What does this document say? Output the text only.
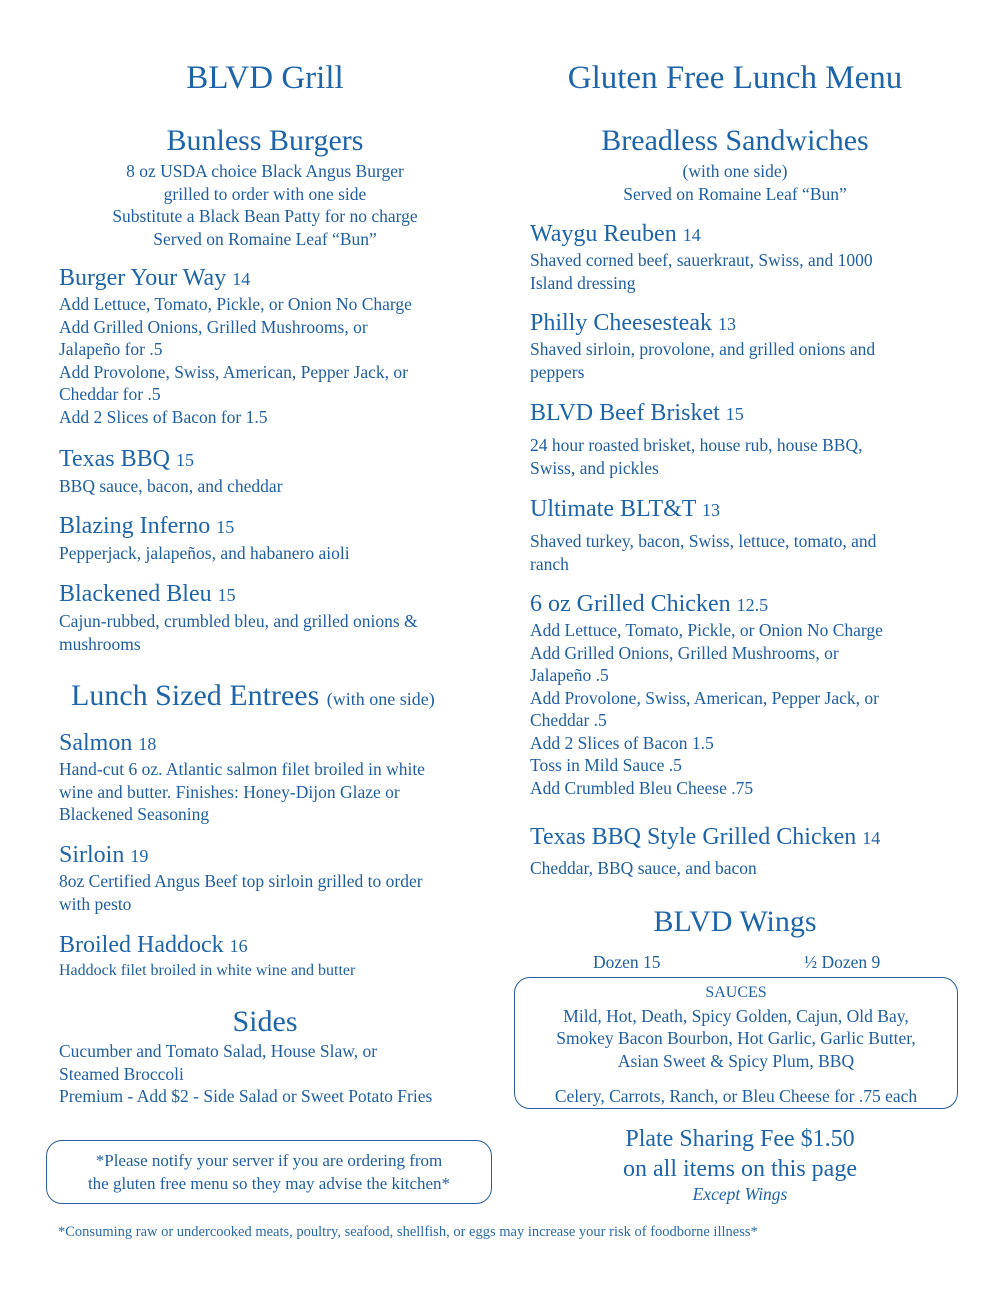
BLVD Grill
Bunless Burgers
8 oz USDA choice Black Angus Burger
grilled to order with one side
Substitute a Black Bean Patty for no charge
Served on Romaine Leaf “Bun”
Burger Your Way 14
Add Lettuce, Tomato, Pickle, or Onion No Charge
Add Grilled Onions, Grilled Mushrooms, or
Jalapeño for .5
Add Provolone, Swiss, American, Pepper Jack, or
Cheddar for .5
Add 2 Slices of Bacon for 1.5
Texas BBQ 15
BBQ sauce, bacon, and cheddar
Blazing Inferno 15
Pepperjack, jalapeños, and habanero aioli
Blackened Bleu 15
Cajun-rubbed, crumbled bleu, and grilled onions &
mushrooms
Lunch Sized Entrees (with one side)
Salmon 18
Hand-cut 6 oz. Atlantic salmon filet broiled in white
wine and butter. Finishes: Honey-Dijon Glaze or
Blackened Seasoning
Sirloin 19
8oz Certified Angus Beef top sirloin grilled to order
with pesto
Broiled Haddock 16
Haddock filet broiled in white wine and butter
Sides
Cucumber and Tomato Salad, House Slaw, or
Steamed Broccoli
Premium - Add $2 - Side Salad or Sweet Potato Fries
*Please notify your server if you are ordering from
the gluten free menu so they may advise the kitchen*
Gluten Free Lunch Menu
Breadless Sandwiches
(with one side)
Served on Romaine Leaf “Bun”
Waygu Reuben 14
Shaved corned beef, sauerkraut, Swiss, and 1000
Island dressing
Philly Cheesesteak 13
Shaved sirloin, provolone, and grilled onions and
peppers
BLVD Beef Brisket 15
24 hour roasted brisket, house rub, house BBQ,
Swiss, and pickles
Ultimate BLT&T 13
Shaved turkey, bacon, Swiss, lettuce, tomato, and
ranch
6 oz Grilled Chicken 12.5
Add Lettuce, Tomato, Pickle, or Onion No Charge
Add Grilled Onions, Grilled Mushrooms, or
Jalapeño .5
Add Provolone, Swiss, American, Pepper Jack, or
Cheddar .5
Add 2 Slices of Bacon 1.5
Toss in Mild Sauce .5
Add Crumbled Bleu Cheese .75
Texas BBQ Style Grilled Chicken 14
Cheddar, BBQ sauce, and bacon
BLVD Wings
Dozen 15	½ Dozen 9
SAUCES
Mild, Hot, Death, Spicy Golden, Cajun, Old Bay,
Smokey Bacon Bourbon, Hot Garlic, Garlic Butter,
Asian Sweet & Spicy Plum, BBQ
Celery, Carrots, Ranch, or Bleu Cheese for .75 each
Plate Sharing Fee $1.50
on all items on this page
Except Wings
*Consuming raw or undercooked meats, poultry, seafood, shellfish, or eggs may increase your risk of foodborne illness*
